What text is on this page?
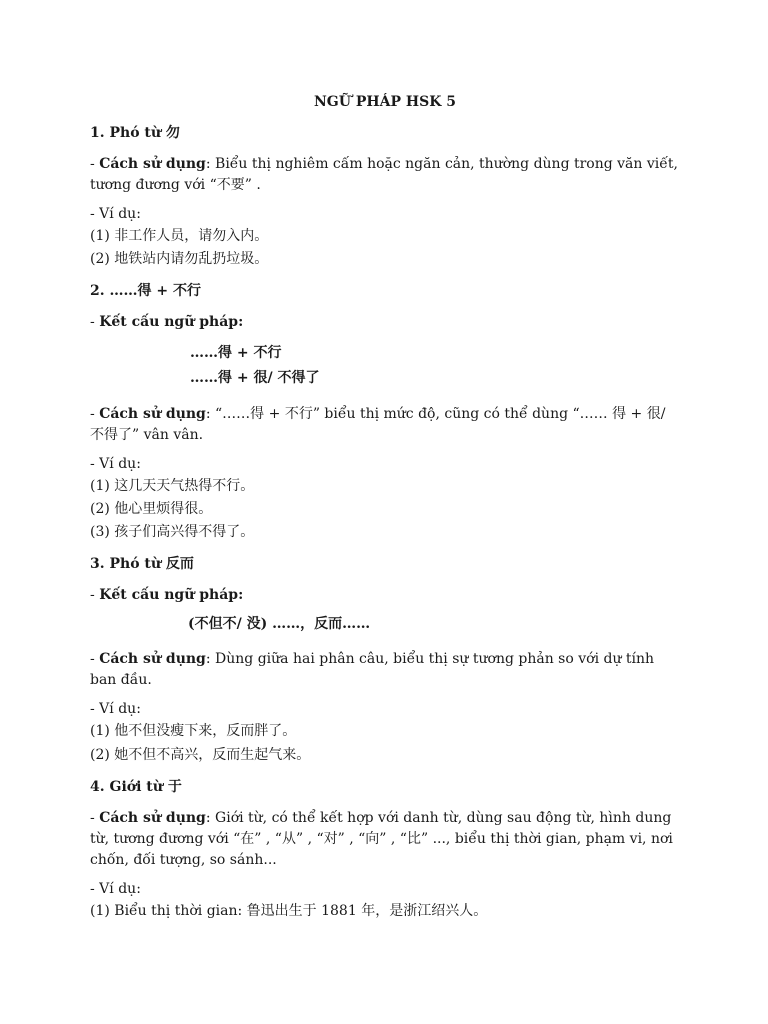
NGỮ PHÁP HSK 5

1. Phó từ 勿

- Cách sử dụng: Biểu thị nghiêm cấm hoặc ngăn cản, thường dùng trong văn viết, tương đương với “不要” .

- Ví dụ:

(1) 非工作人员，请勿入内。

(2) 地铁站内请勿乱扔垃圾。

2. ……得 + 不行

- Kết cấu ngữ pháp:

……得 + 不行

……得 + 很/ 不得了

- Cách sử dụng: “……得 + 不行” biểu thị mức độ, cũng có thể dùng “…… 得 + 很/ 不得了” vân vân.

- Ví dụ:

(1) 这几天天气热得不行。

(2) 他心里烦得很。

(3) 孩子们高兴得不得了。

3. Phó từ 反而

- Kết cấu ngữ pháp:

(不但不/ 没) ……，反而……

- Cách sử dụng: Dùng giữa hai phân câu, biểu thị sự tương phản so với dự tính ban đầu.

- Ví dụ:

(1) 他不但没瘦下来，反而胖了。

(2) 她不但不高兴，反而生起气来。

4. Giới từ 于

- Cách sử dụng: Giới từ, có thể kết hợp với danh từ, dùng sau động từ, hình dung từ, tương đương với “在” , “从” , “对” , “向” , “比” ..., biểu thị thời gian, phạm vi, nơi chốn, đối tượng, so sánh...

- Ví dụ:

(1) Biểu thị thời gian: 鲁迅出生于 1881 年，是浙江绍兴人。
